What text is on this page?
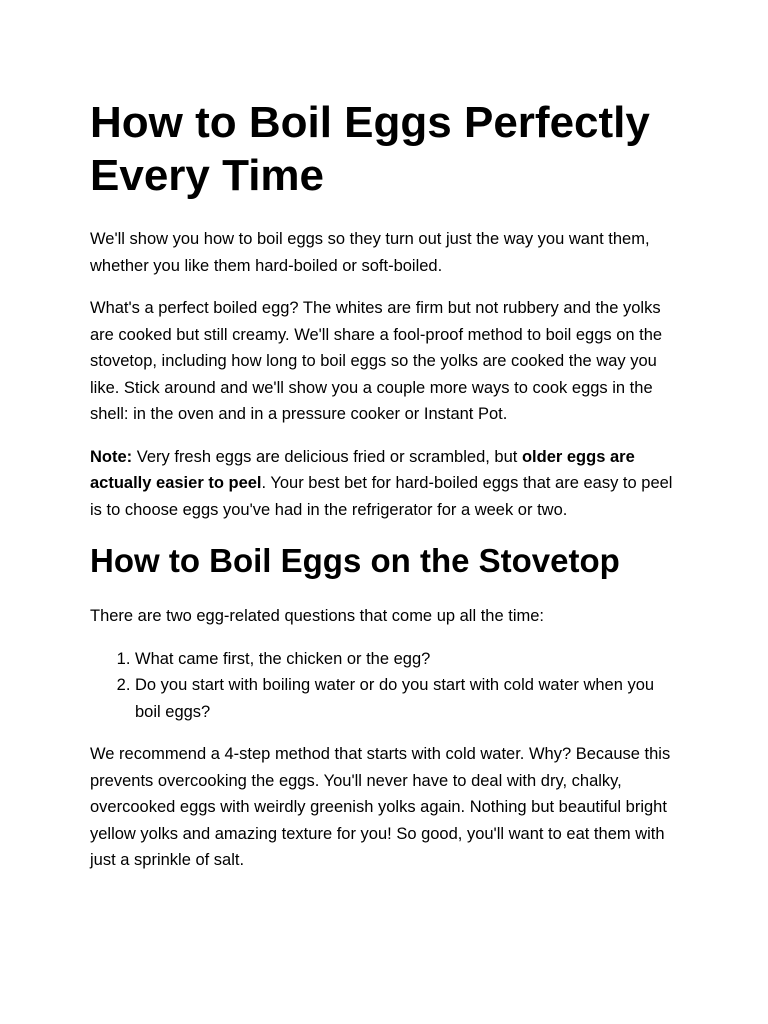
How to Boil Eggs Perfectly Every Time

We'll show you how to boil eggs so they turn out just the way you want them, whether you like them hard-boiled or soft-boiled.

What's a perfect boiled egg? The whites are firm but not rubbery and the yolks are cooked but still creamy. We'll share a fool-proof method to boil eggs on the stovetop, including how long to boil eggs so the yolks are cooked the way you like. Stick around and we'll show you a couple more ways to cook eggs in the shell: in the oven and in a pressure cooker or Instant Pot.

Note: Very fresh eggs are delicious fried or scrambled, but older eggs are actually easier to peel. Your best bet for hard-boiled eggs that are easy to peel is to choose eggs you've had in the refrigerator for a week or two.

How to Boil Eggs on the Stovetop

There are two egg-related questions that come up all the time:

1. What came first, the chicken or the egg?
2. Do you start with boiling water or do you start with cold water when you boil eggs?

We recommend a 4-step method that starts with cold water. Why? Because this prevents overcooking the eggs. You'll never have to deal with dry, chalky, overcooked eggs with weirdly greenish yolks again. Nothing but beautiful bright yellow yolks and amazing texture for you! So good, you'll want to eat them with just a sprinkle of salt.
